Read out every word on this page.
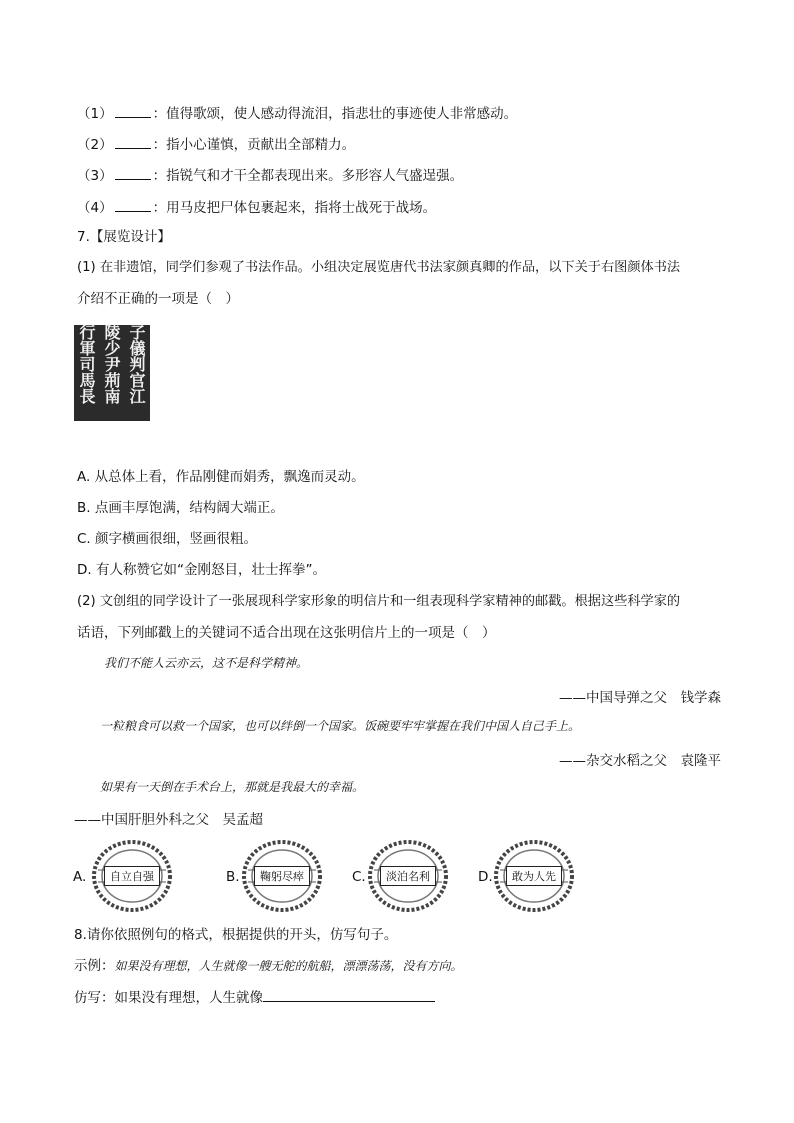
（1）	：值得歌颂，使人感动得流泪，指悲壮的事迹使人非常感动。
（2）	：指小心谨慎，贡献出全部精力。
（3）	：指锐气和才干全都表现出来。多形容人气盛逞强。
（4）	：用马皮把尸体包裹起来，指将士战死于战场。
7.【展览设计】
(1) 在非遗馆，同学们参观了书法作品。小组决定展览唐代书法家颜真卿的作品，以下关于右图颜体书法
介绍不正确的一项是（　）
子
儀
判
官
江
陵
少
尹
荊
南
行
軍
司
馬
長
A. 从总体上看，作品刚健而娟秀，飘逸而灵动。
B. 点画丰厚饱满，结构阔大端正。
C. 颜字横画很细，竖画很粗。
D. 有人称赞它如“金刚怒目，壮士挥拳”。
(2) 文创组的同学设计了一张展现科学家形象的明信片和一组表现科学家精神的邮戳。根据这些科学家的
话语，下列邮戳上的关键词不适合出现在这张明信片上的一项是（　）
我们不能人云亦云，这不是科学精神。
——中国导弹之父　钱学森
一粒粮食可以救一个国家，也可以绊倒一个国家。饭碗要牢牢掌握在我们中国人自己手上。
——杂交水稻之父　袁隆平
如果有一天倒在手术台上，那就是我最大的幸福。
——中国肝胆外科之父　吴孟超
A.	自立自强	B.	鞠躬尽瘁	C.	淡泊名利	D.	敢为人先
8.请你依照例句的格式，根据提供的开头，仿写句子。
示例：如果没有理想，人生就像一艘无舵的航船，漂漂荡荡，没有方向。
仿写：如果没有理想，人生就像
